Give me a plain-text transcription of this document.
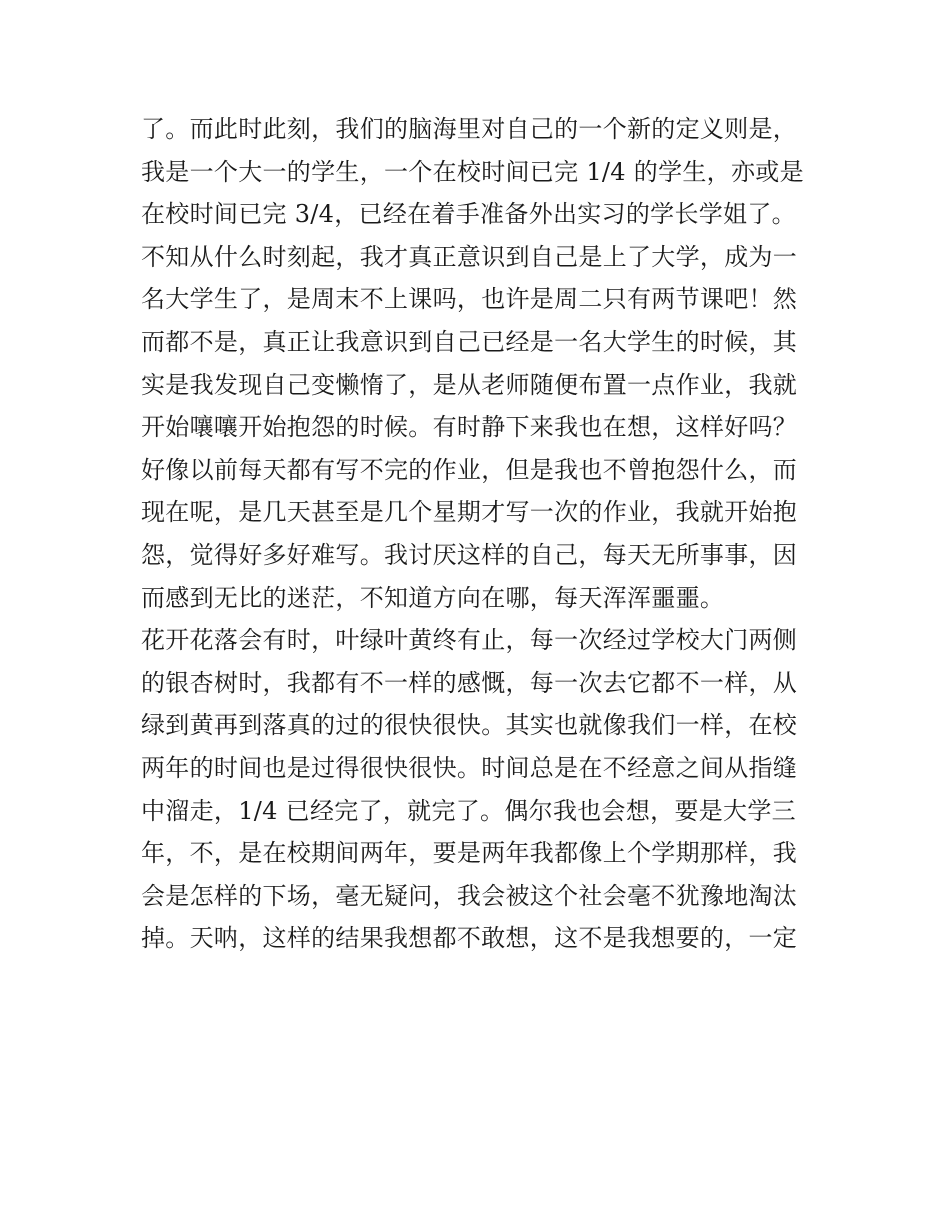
了。而此时此刻，我们的脑海里对自己的一个新的定义则是，
我是一个大一的学生，一个在校时间已完 1/4 的学生，亦或是
在校时间已完 3/4，已经在着手准备外出实习的学长学姐了。
不知从什么时刻起，我才真正意识到自己是上了大学，成为一
名大学生了，是周末不上课吗，也许是周二只有两节课吧！然
而都不是，真正让我意识到自己已经是一名大学生的时候，其
实是我发现自己变懒惰了，是从老师随便布置一点作业，我就
开始嚷嚷开始抱怨的时候。有时静下来我也在想，这样好吗？
好像以前每天都有写不完的作业，但是我也不曾抱怨什么，而
现在呢，是几天甚至是几个星期才写一次的作业，我就开始抱
怨，觉得好多好难写。我讨厌这样的自己，每天无所事事，因
而感到无比的迷茫，不知道方向在哪，每天浑浑噩噩。
花开花落会有时，叶绿叶黄终有止，每一次经过学校大门两侧
的银杏树时，我都有不一样的感慨，每一次去它都不一样，从
绿到黄再到落真的过的很快很快。其实也就像我们一样，在校
两年的时间也是过得很快很快。时间总是在不经意之间从指缝
中溜走，1/4 已经完了，就完了。偶尔我也会想，要是大学三
年，不，是在校期间两年，要是两年我都像上个学期那样，我
会是怎样的下场，毫无疑问，我会被这个社会毫不犹豫地淘汰
掉。天呐，这样的结果我想都不敢想，这不是我想要的，一定
